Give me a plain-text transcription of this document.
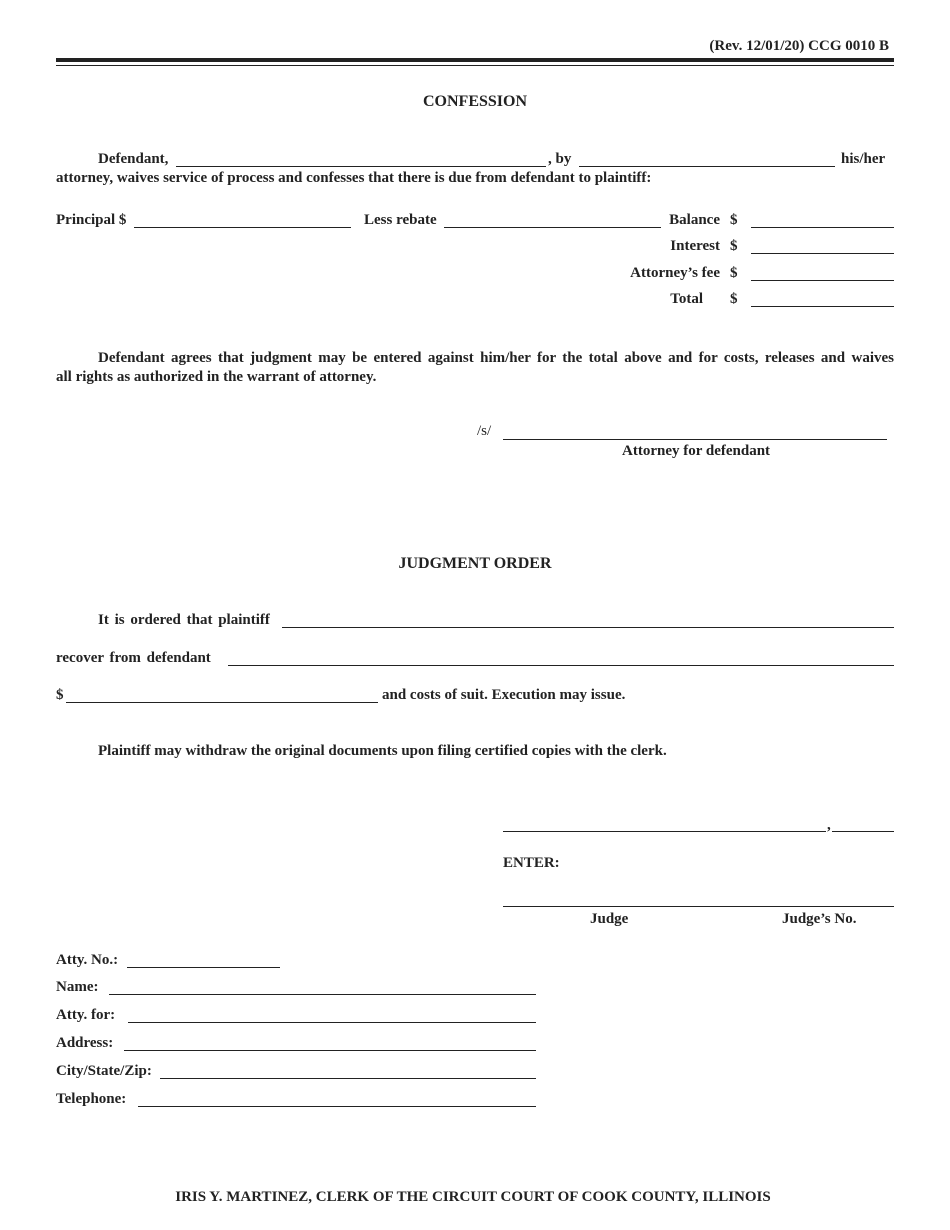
(Rev. 12/01/20) CCG 0010 B
CONFESSION
Defendant,	, by	his/her
attorney, waives service of process and confesses that there is due from defendant to plaintiff:
Principal $	Less rebate	Balance $
Interest $
Attorney’s fee $
Total $
Defendant agrees that judgment may be entered against him/her for the total above and for costs, releases and waives
all rights as authorized in the warrant of attorney.
/s/
Attorney for defendant
JUDGMENT ORDER
It is ordered that plaintiff
recover from defendant
$	and costs of suit. Execution may issue.
Plaintiff may withdraw the original documents upon filing certified copies with the clerk.
,
ENTER:
Judge	Judge’s No.
Atty. No.:
Name:
Atty. for:
Address:
City/State/Zip:
Telephone:
IRIS Y. MARTINEZ, CLERK OF THE CIRCUIT COURT OF COOK COUNTY, ILLINOIS
